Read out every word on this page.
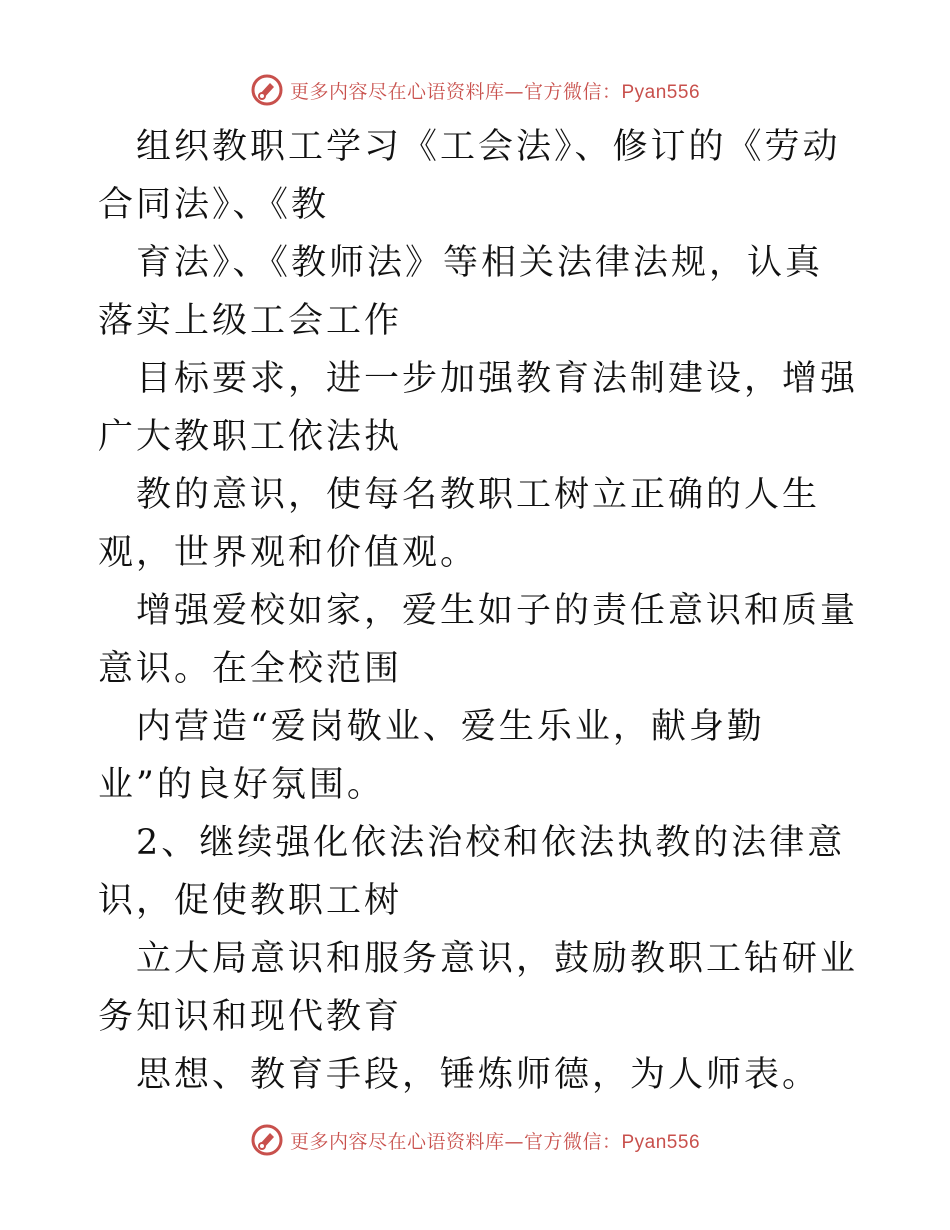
更多内容尽在心语资料库—官方微信：Pyan556

组织教职工学习《工会法》、修订的《劳动合同法》、《教

育法》、《教师法》等相关法律法规，认真落实上级工会工作

目标要求，进一步加强教育法制建设，增强广大教职工依法执

教的意识，使每名教职工树立正确的人生观，世界观和价值观。

增强爱校如家，爱生如子的责任意识和质量意识。在全校范围

内营造“爱岗敬业、爱生乐业，献身勤业”的良好氛围。

2、继续强化依法治校和依法执教的法律意识，促使教职工树

立大局意识和服务意识，鼓励教职工钻研业务知识和现代教育

思想、教育手段，锤炼师德，为人师表。

更多内容尽在心语资料库—官方微信：Pyan556
